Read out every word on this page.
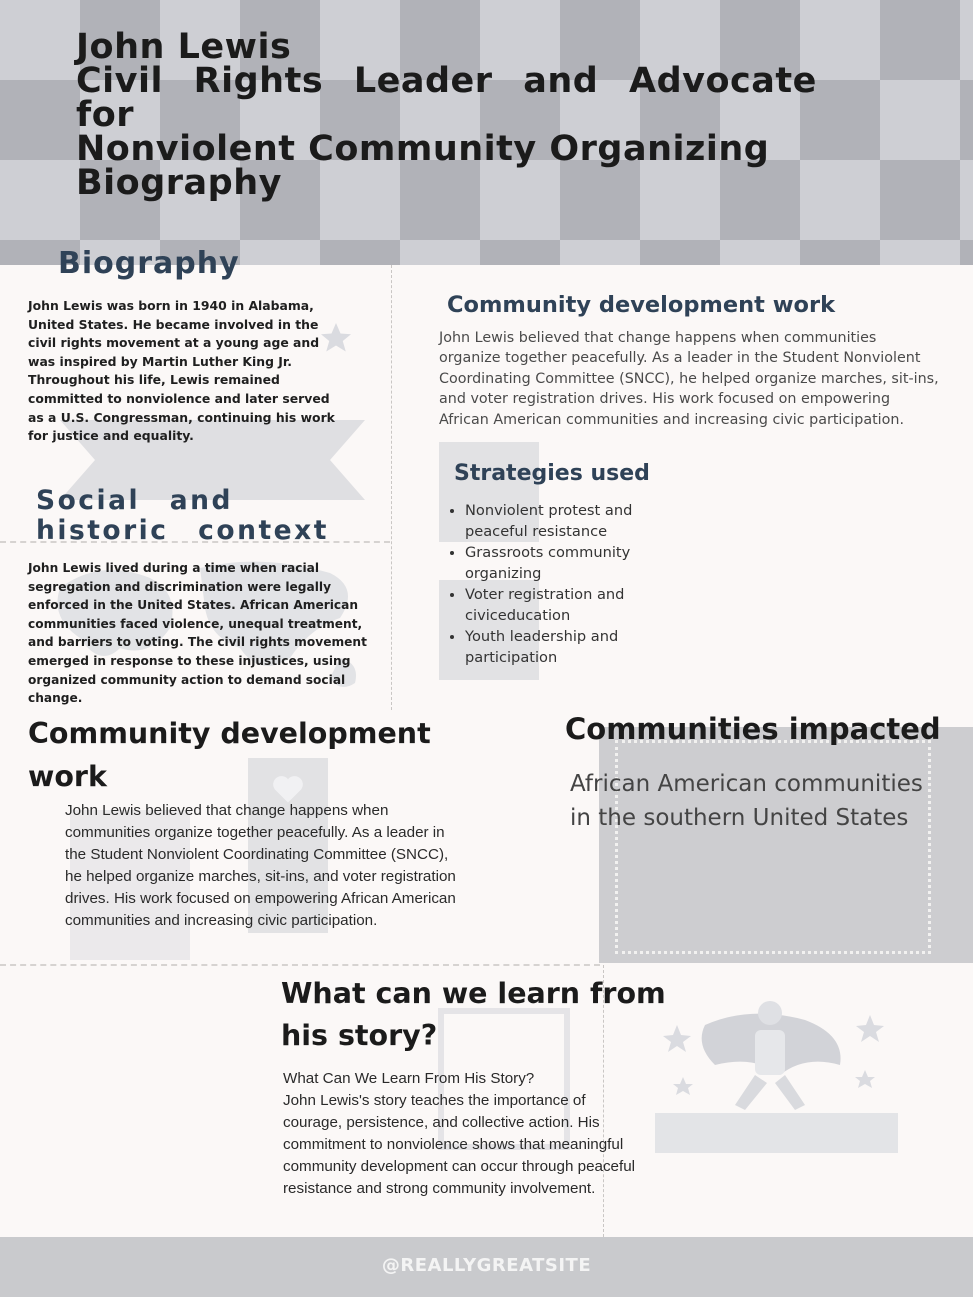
John Lewis
Civil Rights Leader and Advocate for
Nonviolent Community Organizing
Biography
Biography

John Lewis was born in 1940 in Alabama, United States. He became involved in the civil rights movement at a young age and was inspired by Martin Luther King Jr. Throughout his life, Lewis remained committed to nonviolence and later served as a U.S. Congressman, continuing his work for justice and equality.

Social and historic context

John Lewis lived during a time when racial segregation and discrimination were legally enforced in the United States. African American communities faced violence, unequal treatment, and barriers to voting. The civil rights movement emerged in response to these injustices, using organized community action to demand social change.

Community development work

John Lewis believed that change happens when communities organize together peacefully. As a leader in the Student Nonviolent Coordinating Committee (SNCC), he helped organize marches, sit-ins, and voter registration drives. His work focused on empowering African American communities and increasing civic participation.

Strategies used
• Nonviolent protest and peaceful resistance
• Grassroots community organizing
• Voter registration and civiceducation
• Youth leadership and participation
Community development work

John Lewis believed that change happens when communities organize together peacefully. As a leader in the Student Nonviolent Coordinating Committee (SNCC), he helped organize marches, sit-ins, and voter registration drives. His work focused on empowering African American communities and increasing civic participation.

Communities impacted

African American communities in the southern United States

What can we learn from his story?
What Can We Learn From His Story?
John Lewis's story teaches the importance of courage, persistence, and collective action. His commitment to nonviolence shows that meaningful community development can occur through peaceful resistance and strong community involvement.
@REALLYGREATSITE
